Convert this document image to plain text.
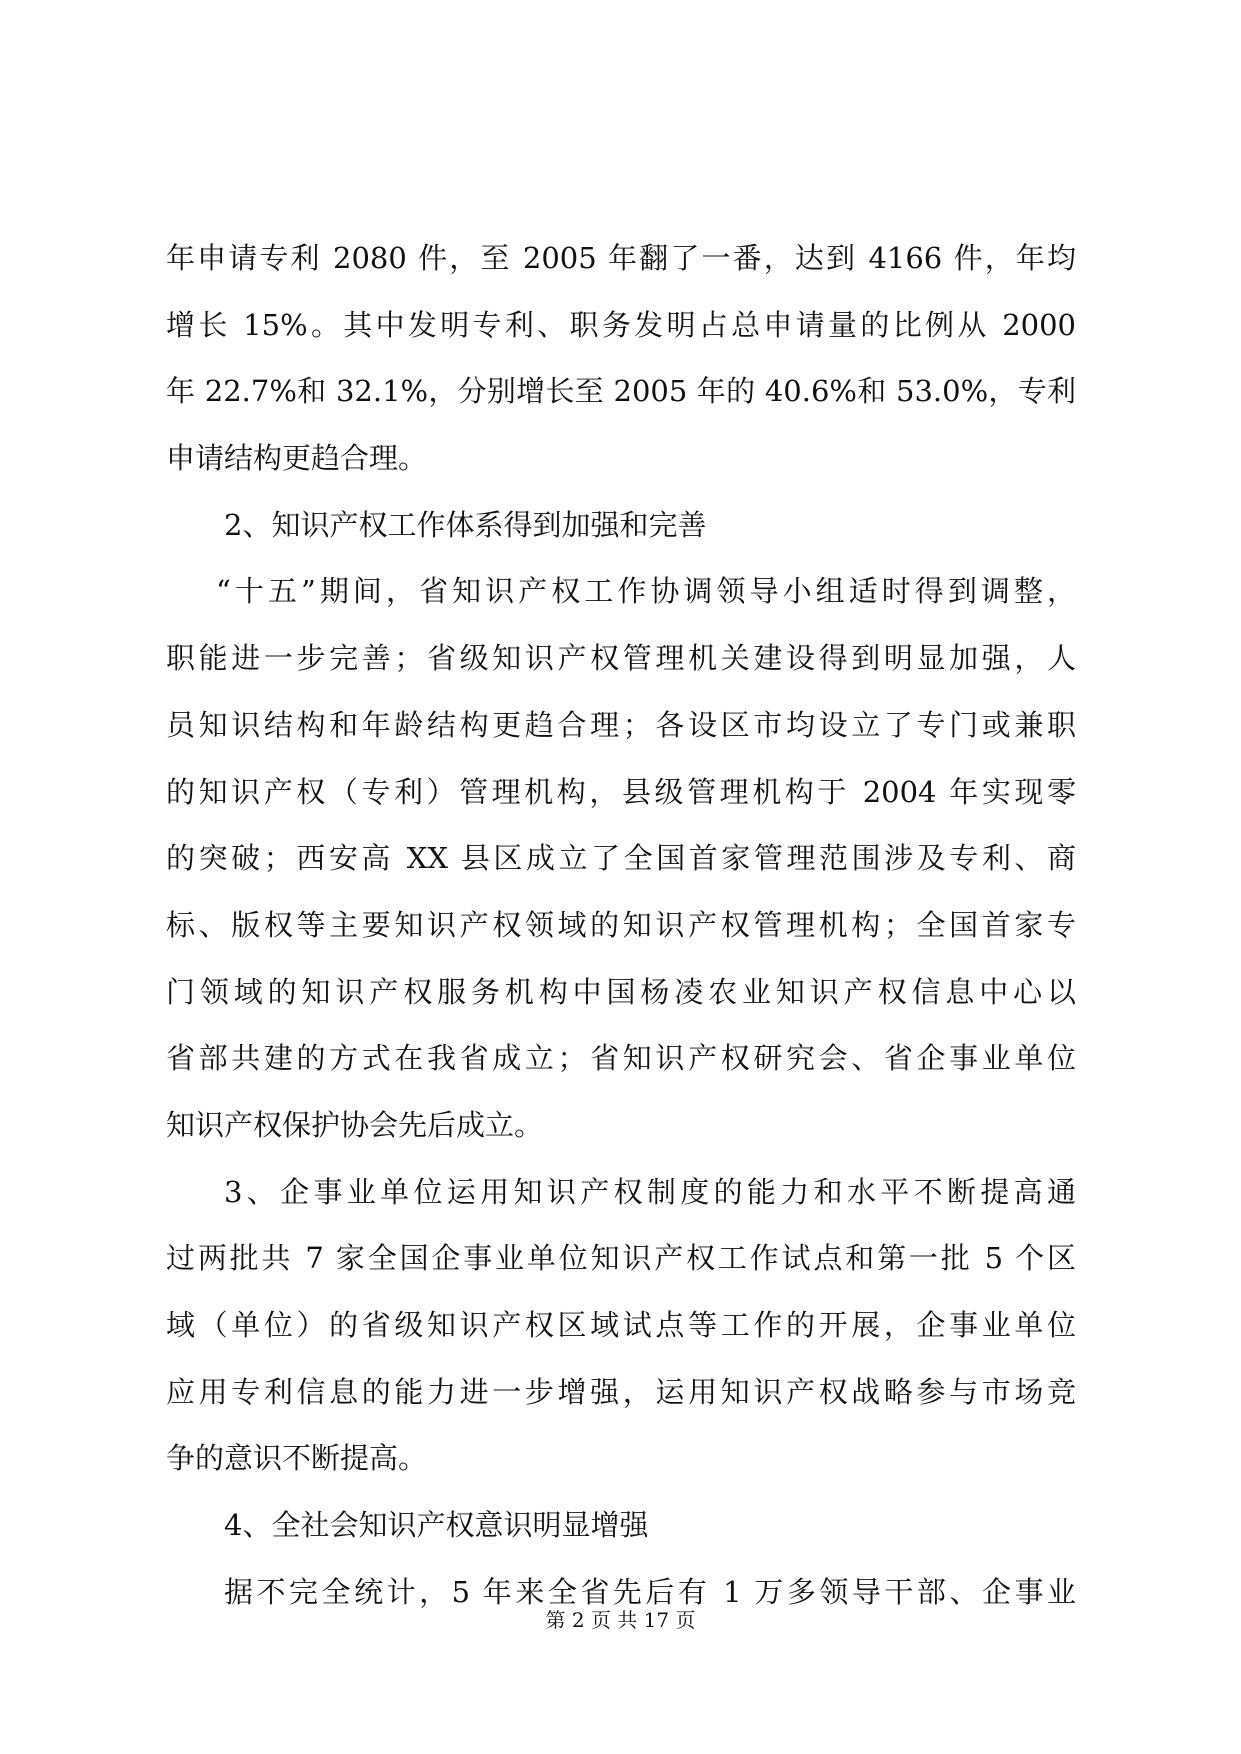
年申请专利 2080 件，至 2005 年翻了一番，达到 4166 件，年均
增长 15%。其中发明专利、职务发明占总申请量的比例从 2000
年 22.7%和 32.1%，分别增长至 2005 年的 40.6%和 53.0%，专利
申请结构更趋合理。
2、知识产权工作体系得到加强和完善
“十五”期间，省知识产权工作协调领导小组适时得到调整，
职能进一步完善；省级知识产权管理机关建设得到明显加强，人
员知识结构和年龄结构更趋合理；各设区市均设立了专门或兼职
的知识产权（专利）管理机构，县级管理机构于 2004 年实现零
的突破；西安高 XX 县区成立了全国首家管理范围涉及专利、商
标、版权等主要知识产权领域的知识产权管理机构；全国首家专
门领域的知识产权服务机构中国杨凌农业知识产权信息中心以
省部共建的方式在我省成立；省知识产权研究会、省企事业单位
知识产权保护协会先后成立。
3、企事业单位运用知识产权制度的能力和水平不断提高通
过两批共 7 家全国企事业单位知识产权工作试点和第一批 5 个区
域（单位）的省级知识产权区域试点等工作的开展，企事业单位
应用专利信息的能力进一步增强，运用知识产权战略参与市场竞
争的意识不断提高。
4、全社会知识产权意识明显增强
据不完全统计，5 年来全省先后有 1 万多领导干部、企事业
第 2 页 共 17 页
